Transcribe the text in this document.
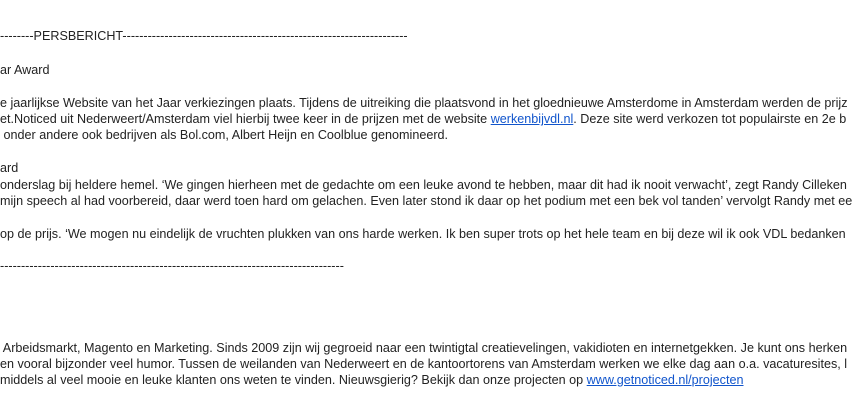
--------PERSBERICHT--------------------------------------------------------------------
ar Award
e jaarlijkse Website van het Jaar verkiezingen plaats. Tijdens de uitreiking die plaatsvond in het gloednieuwe Amsterdome in Amsterdam werden de prijz
et.Noticed uit Nederweert/Amsterdam viel hierbij twee keer in de prijzen met de website werkenbijvdl.nl. Deze site werd verkozen tot populairste en 2e b
onder andere ook bedrijven als Bol.com, Albert Heijn en Coolblue genomineerd.
ard
onderslag bij heldere hemel. ‘We gingen hierheen met de gedachte om een leuke avond te hebben, maar dit had ik nooit verwacht’, zegt Randy Cilleken
mijn speech al had voorbereid, daar werd toen hard om gelachen. Even later stond ik daar op het podium met een bek vol tanden’ vervolgt Randy met ee
op de prijs. ‘We mogen nu eindelijk de vruchten plukken van ons harde werken. Ik ben super trots op het hele team en bij deze wil ik ook VDL bedanken
----------------------------------------------------------------------------------
Arbeidsmarkt, Magento en Marketing. Sinds 2009 zijn wij gegroeid naar een twintigtal creatievelingen, vakidioten en internetgekken. Je kunt ons herken
en vooral bijzonder veel humor. Tussen de weilanden van Nederweert en de kantoortorens van Amsterdam werken we elke dag aan o.a. vacaturesites, l
middels al veel mooie en leuke klanten ons weten te vinden. Nieuwsgierig? Bekijk dan onze projecten op www.getnoticed.nl/projecten
